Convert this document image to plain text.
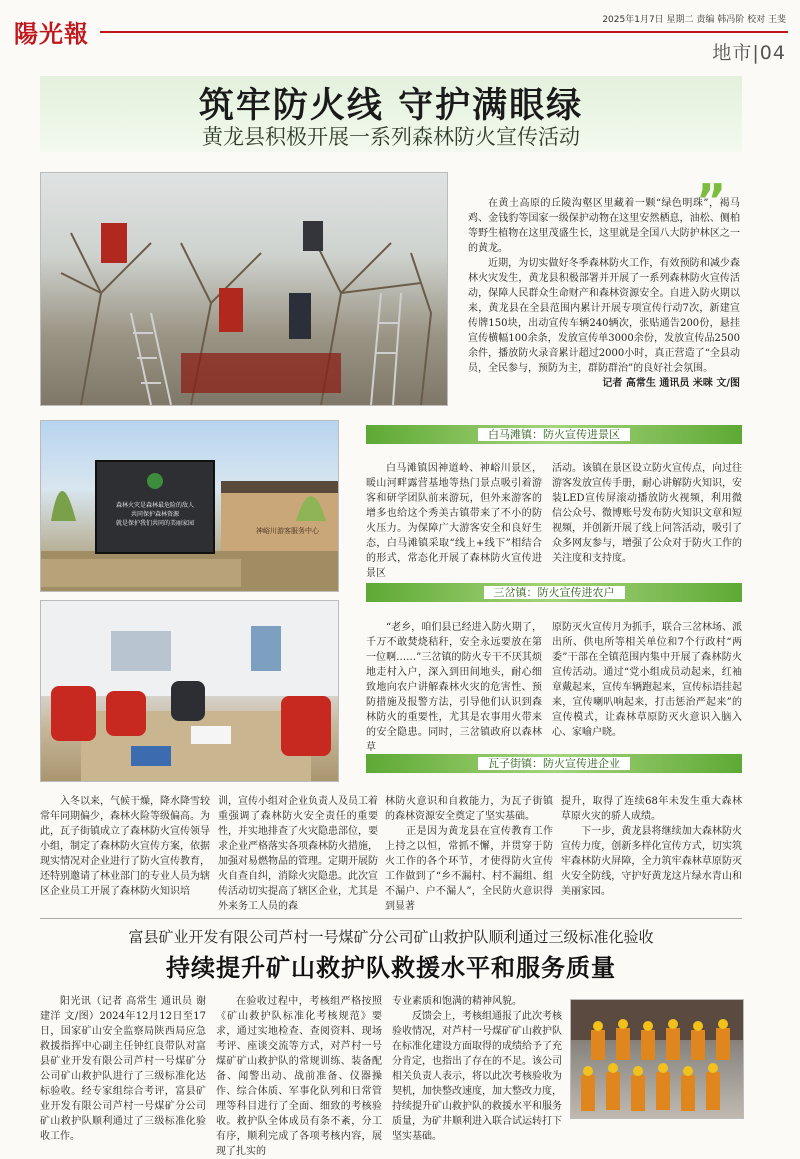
陽光報	2025年1月7日 星期二 责编 韩冯阶 校对 王斐
地市|04
筑牢防火线 守护满眼绿
黄龙县积极开展一系列森林防火宣传活动
”
在黄土高原的丘陵沟壑区里藏着一颗“绿色明珠”，褐马鸡、金钱豹等国家一级保护动物在这里安然栖息，油松、侧柏等野生植物在这里茂盛生长，这里就是全国八大防护林区之一的黄龙。
近期，为切实做好冬季森林防火工作，有效预防和减少森林火灾发生，黄龙县积极部署并开展了一系列森林防火宣传活动，保障人民群众生命财产和森林资源安全。自进入防火期以来，黄龙县在全县范围内累计开展专项宣传行动7次，新建宣传牌150块，出动宣传车辆240辆次，张贴通告200份，悬挂宣传横幅100余条，发放宣传单3000余份，发放宣传品2500余件，播放防火录音累计超过2000小时，真正营造了“全县动员，全民参与，预防为主，群防群治”的良好社会氛围。
记者 高常生 通讯员 米咪 文/图
森林火灾是森林最危险的敌人
共同保护森林资源
就是保护我们共同的美丽家园
神峪川游客服务中心
白马滩镇：防火宣传进景区
白马滩镇因神道岭、神峪川景区，暖山河畔露营基地等热门景点吸引着游客和研学团队前来游玩，但外来游客的增多也给这个秀美古镇带来了不小的防火压力。为保障广大游客安全和良好生态，白马滩镇采取“线上+线下”相结合的形式，常态化开展了森林防火宣传进景区
活动。该镇在景区设立防火宣传点，向过往游客发放宣传手册，耐心讲解防火知识，安装LED宣传屏滚动播放防火视频，利用微信公众号、微博账号发布防火知识文章和短视频，并创新开展了线上问答活动，吸引了众多网友参与，增强了公众对于防火工作的关注度和支持度。
三岔镇：防火宣传进农户
“老乡，咱们县已经进入防火期了，千万不敢焚烧秸秆，安全永远要放在第一位啊……”三岔镇的防火专干不厌其烦地走村入户，深入到田间地头，耐心细致地向农户讲解森林火灾的危害性、预防措施及报警方法，引导他们认识到森林防火的重要性，尤其是农事用火带来的安全隐患。同时，三岔镇政府以森林草
原防灭火宣传月为抓手，联合三岔林场、派出所、供电所等相关单位和7个行政村“两委”干部在全镇范围内集中开展了森林防火宣传活动。通过“党小组成员动起来，红袖章戴起来，宣传车辆跑起来，宣传标语挂起来，宣传喇叭响起来，打击惩治严起来”的宣传模式，让森林草原防灭火意识入脑入心、家喻户晓。
瓦子街镇：防火宣传进企业
入冬以来，气候干燥，降水降雪较常年同期偏少，森林火险等级偏高。为此，瓦子街镇成立了森林防火宣传领导小组，制定了森林防火宣传方案，依据现实情况对企业进行了防火宣传教育，还特别邀请了林业部门的专业人员为辖区企业员工开展了森林防火知识培
训，宣传小组对企业负责人及员工着重强调了森林防火安全责任的重要性，并实地排查了火灾隐患部位，要求企业严格落实各项森林防火措施，加强对易燃物品的管理。定期开展防火自查自纠，消除火灾隐患。此次宣传活动切实提高了辖区企业，尤其是外来务工人员的森
林防火意识和自救能力，为瓦子街镇的森林资源安全奠定了坚实基础。
　　正是因为黄龙县在宣传教育工作上持之以恒，常抓不懈，并贯穿于防火工作的各个环节，才使得防火宣传工作做到了“乡不漏村、村不漏组、组不漏户、户不漏人”，全民防火意识得到显著
提升，取得了连续68年未发生重大森林草原火灾的骄人成绩。
　　下一步，黄龙县将继续加大森林防火宣传力度，创新多样化宣传方式，切实筑牢森林防火屏障，全力筑牢森林草原防灭火安全防线，守护好黄龙这片绿水青山和美丽家园。
富县矿业开发有限公司芦村一号煤矿分公司矿山救护队顺利通过三级标准化验收
持续提升矿山救护队救援水平和服务质量
阳光讯（记者 高常生 通讯员 谢建洋 文/图）2024年12月12日至17日，国家矿山安全监察局陕西局应急救援指挥中心副主任钟红良带队对富县矿业开发有限公司芦村一号煤矿分公司矿山救护队进行了三级标准化达标验收。经专家组综合考评，富县矿业开发有限公司芦村一号煤矿分公司矿山救护队顺利通过了三级标准化验收工作。
在验收过程中，考核组严格按照《矿山救护队标准化考核规范》要求，通过实地检查、查阅资料、现场考评、座谈交流等方式，对芦村一号煤矿矿山救护队的常规训练、装备配备、闻警出动、战前准备、仪器操作、综合体质、军事化队列和日常管理等科目进行了全面、细致的考核验收。救护队全体成员有条不紊，分工有序，顺利完成了各项考核内容，展现了扎实的
专业素质和饱满的精神风貌。
　　反馈会上，考核组通报了此次考核验收情况，对芦村一号煤矿矿山救护队在标准化建设方面取得的成绩给予了充分肯定，也指出了存在的不足。该公司相关负责人表示，将以此次考核验收为契机，加快整改速度，加大整改力度，持续提升矿山救护队的救援水平和服务质量，为矿井顺利进入联合试运转打下坚实基础。
